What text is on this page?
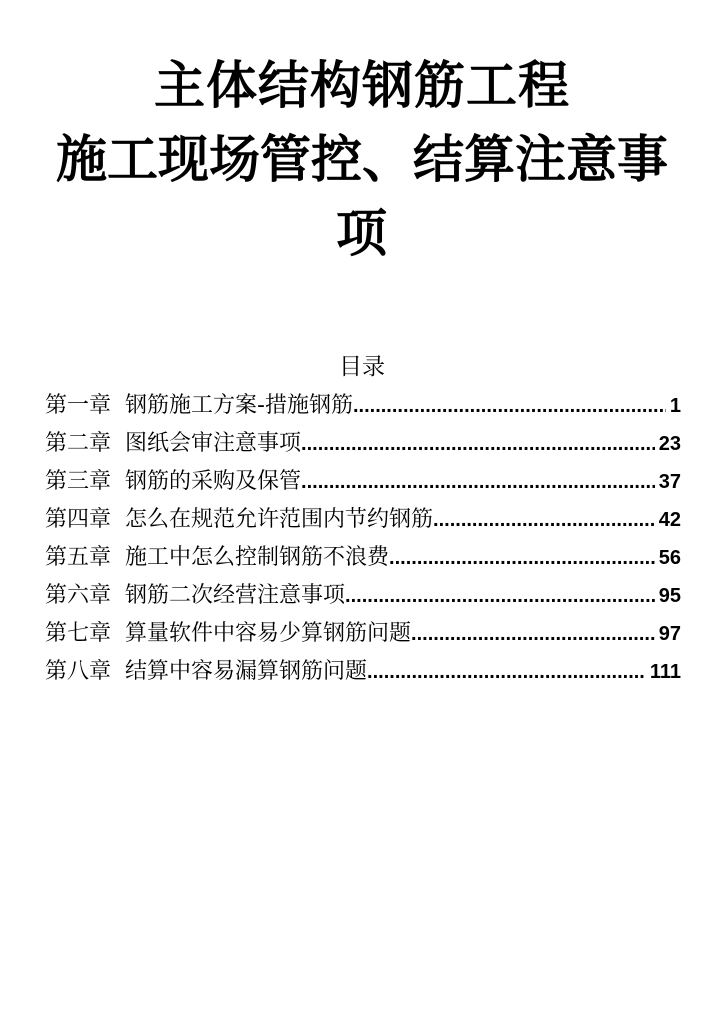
主体结构钢筋工程
施工现场管控、结算注意事
项
目录
第一章 钢筋施工方案-措施钢筋 .....	1
第二章 图纸会审注意事项 .....	23
第三章 钢筋的采购及保管 .....	37
第四章 怎么在规范允许范围内节约钢筋 .....	42
第五章 施工中怎么控制钢筋不浪费 .....	56
第六章 钢筋二次经营注意事项 .....	95
第七章 算量软件中容易少算钢筋问题 .....	97
第八章 结算中容易漏算钢筋问题 .....	111
